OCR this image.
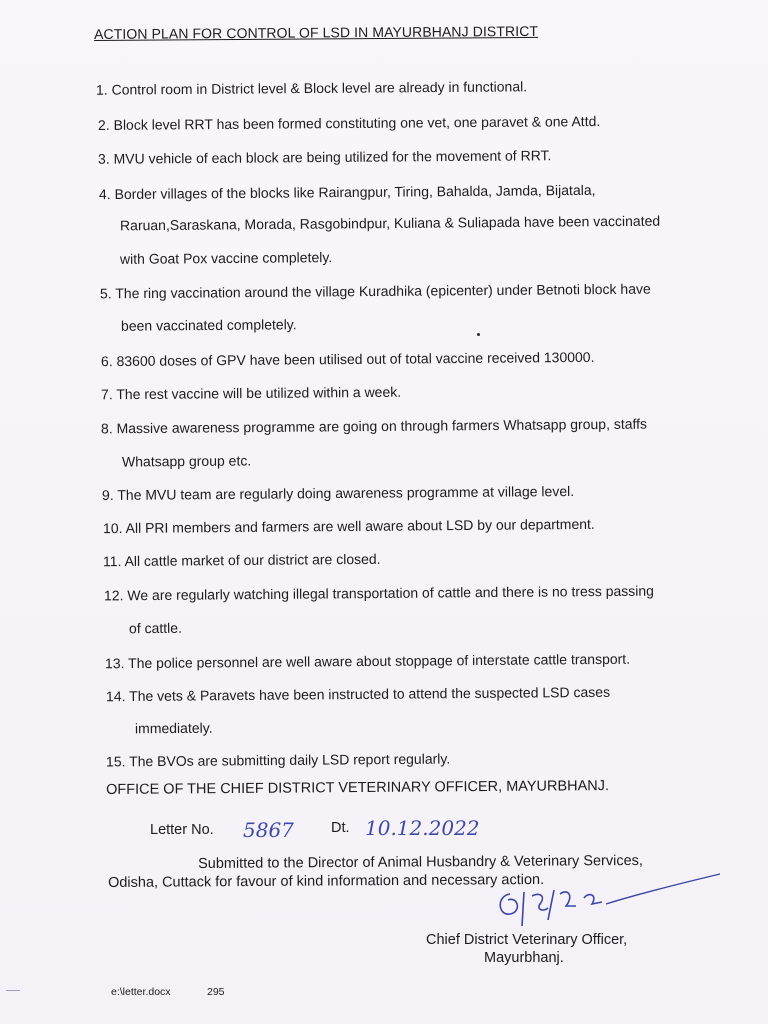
ACTION PLAN FOR CONTROL OF LSD IN MAYURBHANJ DISTRICT
1. Control room in District level & Block level are already in functional.
2. Block level RRT has been formed constituting one vet, one paravet & one Attd.
3. MVU vehicle of each block are being utilized for the movement of RRT.
4. Border villages of the blocks like Rairangpur, Tiring, Bahalda, Jamda, Bijatala,
Raruan,Saraskana, Morada, Rasgobindpur, Kuliana & Suliapada have been vaccinated
with Goat Pox vaccine completely.
5. The ring vaccination around the village Kuradhika (epicenter) under Betnoti block have
been vaccinated completely.
6. 83600 doses of GPV have been utilised out of total vaccine received 130000.
7. The rest vaccine will be utilized within a week.
8. Massive awareness programme are going on through farmers Whatsapp group, staffs
Whatsapp group etc.
9. The MVU team are regularly doing awareness programme at village level.
10. All PRI members and farmers are well aware about LSD by our department.
11. All cattle market of our district are closed.
12. We are regularly watching illegal transportation of cattle and there is no tress passing
of cattle.
13. The police personnel are well aware about stoppage of interstate cattle transport.
14. The vets & Paravets have been instructed to attend the suspected LSD cases
immediately.
15. The BVOs are submitting daily LSD report regularly.
OFFICE OF THE CHIEF DISTRICT VETERINARY OFFICER, MAYURBHANJ.
Letter No. 5867	Dt. 10.12.2022
Submitted to the Director of Animal Husbandry & Veterinary Services,
Odisha, Cuttack for favour of kind information and necessary action.
Chief District Veterinary Officer,
Mayurbhanj.
e:\letter.docx	295
